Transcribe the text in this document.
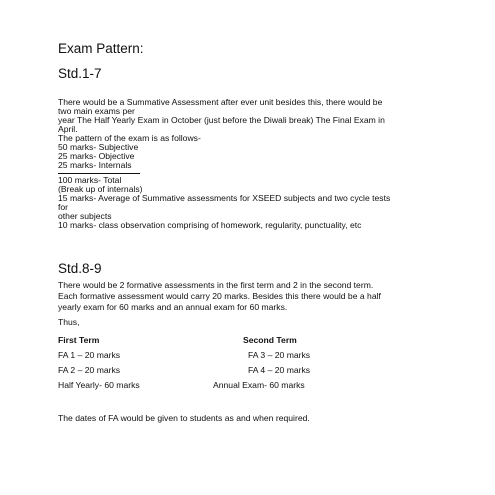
Exam Pattern:
Std.1-7
There would be a Summative Assessment after ever unit besides this, there would be
two main exams per
year The Half Yearly Exam in October (just before the Diwali break) The Final Exam in
April.
The pattern of the exam is as follows-
50 marks- Subjective
25 marks- Objective
25 marks- Internals
100 marks- Total
(Break up of internals)
15 marks- Average of Summative assessments for XSEED subjects and two cycle tests
for
other subjects
10 marks- class observation comprising of homework, regularity, punctuality, etc
Std.8-9
There would be 2 formative assessments in the first term and 2 in the second term.
Each formative assessment would carry 20 marks. Besides this there would be a half
yearly exam for 60 marks and an annual exam for 60 marks.
Thus,
First Term	Second Term
FA 1 – 20 marks	FA 3 – 20 marks
FA 2 – 20 marks	FA 4 – 20 marks
Half Yearly- 60 marks	Annual Exam- 60 marks
The dates of FA would be given to students as and when required.
